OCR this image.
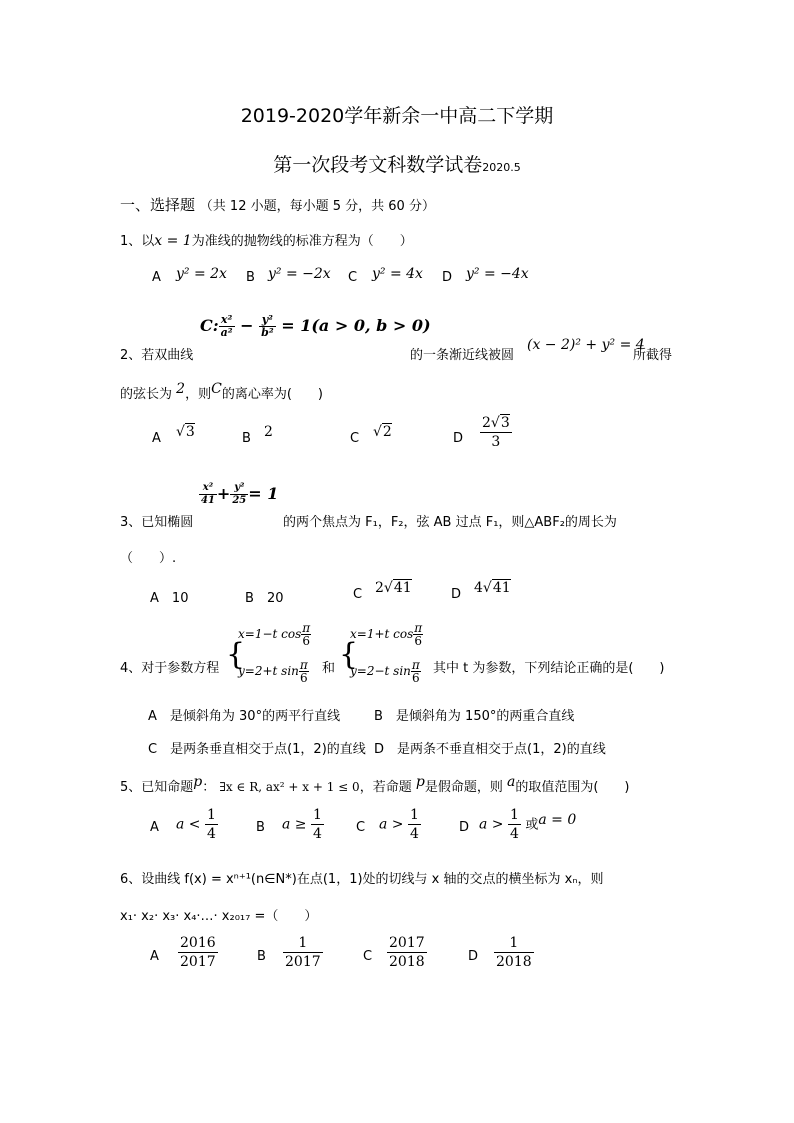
2019-2020学年新余一中高二下学期
第一次段考文科数学试卷2020.5
一、选择题 （共 12 小题，每小题 5 分，共 60 分）
1、以x = 1为准线的抛物线的标准方程为（　　）
A y² = 2x B y² = −2x C y² = 4x D y² = −4x
C: $\frac{\text{x²}}{\text{a²}} - \frac{\text{y²}}{\text{b²}} = 1(a > 0$, b > 0)
2、若双曲线	的一条渐近线被圆
(x − 2)² + y² = 4
所截得
的弦长为 2，则C的离心率为(　　)
A √3	B 2	C √2	D $\frac{2√3}{3}$
$\frac{\text{x²}}{41} + \frac{\text{y²}}{25} = 1$
3、已知椭圆	的两个焦点为 F₁，F₂，弦 AB 过点 F₁，则△ABF₂的周长为
（　　）.
A　 10	B　 20	C 2√41	D 4√41
4、对于参数方程 {
x=1−t $\cos \frac{\pi}{6}$
y=2+t $\sin \frac{\pi}{6}$ 和 {
x=1+t $\cos \frac{\pi}{6}$
y=2−t $\sin \frac{\pi}{6}$ 其中 t 为参数，下列结论正确的是(　　)
A　是倾斜角为 30°的两平行直线	B　是倾斜角为 150°的两重合直线
C　是两条垂直相交于点(1，2)的直线 D　是两条不垂直相交于点(1，2)的直线
5、已知命题p： ∃x ∈ R, ax² + x + 1 ≤ 0，若命题 p是假命题，则 a的取值范围为(　　)
A $a < \frac{1}{4}$	B $a \ge \frac{1}{4}$ C $a > \frac{1}{4}$	D $a > \frac{1}{4}$ 或a = 0
6、设曲线 f(x) = xⁿ⁺¹(n∈N*)在点(1，1)处的切线与 x 轴的交点的横坐标为 xₙ，则
x₁· x₂· x₃· x₄·…· x₂₀₁₇ =（　　）
A $\frac{2016}{2017}$	B $\frac{1}{2017}$	C $\frac{2017}{2018}$	D $\frac{1}{2018}$
